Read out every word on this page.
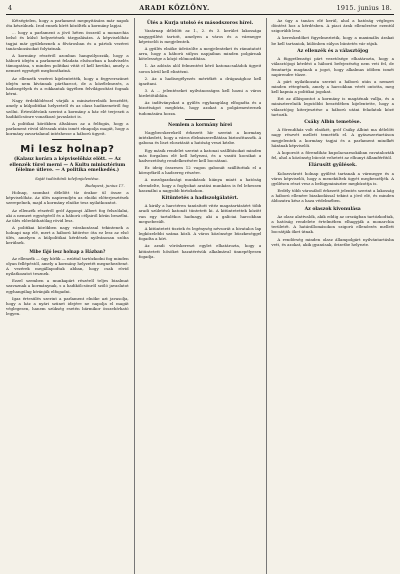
4	ARADI KÖZLÖNY.	1915. junius 18.

Kétségtelen, hogy a parlament megnyitására már napok óta készülnek. Irod ennek hírét közölték a kormány lapjai.

... hogy a parlament a jövő héten összeül a monarchia belső és külső helyzetének tárgyalására. A képviselőház tagjai már gyülekeznek a fővárosban és a pártok vezérei tanácskozásokat folytatnak.

A kormány részéről azonban hangsúlyozzák, hogy a háború idején a parlament feladata elsősorban a hadviselés támogatása, s minden politikai vitát el kell kerülni, amely a nemzet egységét megbonthatná.

Az ellenzék vezérei kijelentették, hogy a fegyverszünet idején nem kívánnak pártharcot, de a közélelmezés, a hadisegélyek és a rokkantak ügyében felvilágosítást fognak kérni.

Nagy érdeklődéssel várják a miniszterelnök beszédét, amely a külpolitikai helyzetről és az olasz hadüzenetről fog szólni. Értesülésünk szerint a kormány a ház elé terjeszti a hadikölcsönre vonatkozó javaslatot is.

A politikai körökben általános az a felfogás, hogy a parlament rövid ülésszak után ismét elnapolja magát, hogy a kormány zavartalanul intézhesse a háború ügyeit.

Mi lesz holnap?
(Kalauz korára a képviselőház elött. — Az ellenzék türel merni — A Kultu minisztérium félelme útleve. — A politika emelkedés.)
Saját tudósítónk telefonjelentése.
Budapest, junius 17.

Holnap, szombat délelőtt tíz órakor ül össze a képviselőház. Az ülés napirendjén az elnöki előterjesztések szerepelnek, majd a kormány elnöke tesz nyilatkozatot.

Az ellenzék részéről gróf Apponyi Albert fog felszólalni, aki a nemzet egységéről és a háború céljairól kíván beszélni. Az ülés előreláthatólag rövid lesz.

A politikai körökben nagy várakozással tekintenek a holnapi nap elé, mert a háború kitörése óta ez lesz az első ülés, amelyen a külpolitikai kérdések nyilvánosan szóba kerülnek.

Mibe fájó lesz holnap a Házban?

Az ellenzék — úgy hírlik — ezúttal tartózkodni fog minden olyan fellépéstől, amely a kormány helyzetét megnehezítené. A vezérek megállapodtak abban, hogy csak rövid nyilatkozatot tesznek.

Ezzel szemben a munkapárt részéről teljes bizalmat szavaznak a kormánynak, s a hadikölcsönről szóló javaslatot egyhangúlag kívánják elfogadni.

Igaz értesülés szerint a parlament elnöke azt javasolja, hogy a ház a nyári szünet idejére ne napolja el magát véglegesen, hanem szükség esetén bármikor összehívható legyen.

Ülés a Kurja utolsó és másodszoros hírei.

Vasárnap délelőtt az 1., 2. és 3. kerület lakossága nagygyűlést tartott, amelyen a város és a vármegye képviselői is megjelentek.

A gyűlés elnöke üdvözölte a megjelenteket és rámutatott arra, hogy a háború súlyos napjaiban minden polgárnak kötelessége a közjó előmozdítása.

1. Az adózás alól felmentést kérő katonacsaládok ügyeit soron kívül kell elintézni.

2. Az a hadisegélyezés mértékét a drágasághoz kell igazítani.

3. A ... jelentéseket nyilvánosságra kell hozni a város hirdetőtábláin.

Az indítványokat a gyűlés egyhangúlag elfogadta és a bizottságot megbízta, hogy azokat a polgármesternek tudomására hozza.

Nemlem a kormány hírei

Nagybecskerekről érkezett hír szerint a kormány intézkedett, hogy a város élelmiszerellátása biztosíttassék. A gabona és liszt elosztását a hatóság veszi kézbe.

Egy másik rendelet szerint a katonai szállításokat minden más forgalom elé kell helyezni, és a vasúti kocsikat a hadvezetőség rendelkezésére kell bocsátani.

Ez ideig összesen 12 vagon gabonát szállítottak el a környékről a hadsereg részére.

A mezőgazdasági munkások hiánya miatt a hatóság elrendelte, hogy a foglyokat aratási munkára is fel lehessen használni a nagyobb birtokokon.

Kitüntetés a hadiszolgálatért.

A király a harctéren tanúsított vitéz magatartásáért több aradi születésű katonát tüntetett ki. A kitüntetettek között van egy tartalékos hadnagy, aki a galíciai harcokban megsebesült.

A kitüntetett tisztek és legénység névsorát a hivatalos lap legközelebbi száma közli. A város közönsége büszkeséggel fogadta a hírt.

Az aradi vöröskereszt egylet elhatározta, hogy a kitüntetett hősöket hazatérésük alkalmával ünnepélyesen fogadja.

Az ügy a tanács elé kerül, ahol a hatóság végleges döntést hoz a kérdésben. A piaci árak ellenőrzése ezentúl szigorúbb lesz.

A kereskedőket figyelmeztetik, hogy a maximális árakat be kell tartaniok, különben súlyos büntetés vár rájuk.

Az ellenzék és a választójog

A függetlenségi párt vezetősége elhatározta, hogy a választójogi kérdést a háború befejezéséig nem veti fel, de fenntartja magának a jogot, hogy alkalmas időben ismét napirendre tűzze.

A párt nyilatkozata szerint a háború után a nemzet minden rétegének, amely a harcokban vérét ontotta, meg kell kapnia a politikai jogokat.

Ezt az álláspontot a kormány is magáénak vallja, és a miniszterelnök legutóbbi beszédében kijelentette, hogy a választójog kiterjesztése a háború utáni feladatok közé tartozik.

Csáky Albin temetése.

A főrendiház volt elnökét, gróf Csáky Albint ma délelőtt nagy részvét mellett temették el. A gyászszertartáson megjelentek a kormány tagjai és a parlament mindkét házának képviselői.

A koporsót a főrendiház kupolacsarnokában ravatalozták fel, ahol a közönség búcsút vehetett az elhunyt államférfitól.

Elárusítt gyűlések.

Kolozsvárott holnap gyűlést tartanak a vármegye és a város képviselői, hogy a menekültek ügyét megbeszéljék. A gyűlésen részt vesz a belügyminiszter megbízottja is.

Erdély több városából érkezett jelentés szerint a lakosság a háború ellenére bizakodással tekint a jövő elé, és minden áldozatra kész a haza védelmében.

Az olaszok kivonulása

Az olasz alattvalók, akik eddig az országban tartózkodtak, a hatóság rendelete értelmében elhagyják a monarchia területét. A határállomásokon szigorú ellenőrzés mellett bocsátják őket útnak.

A rendőrség minden olasz állampolgárt nyilvántartásba vett, és azokat, akik gyanúsak, őrizetbe helyezte.
